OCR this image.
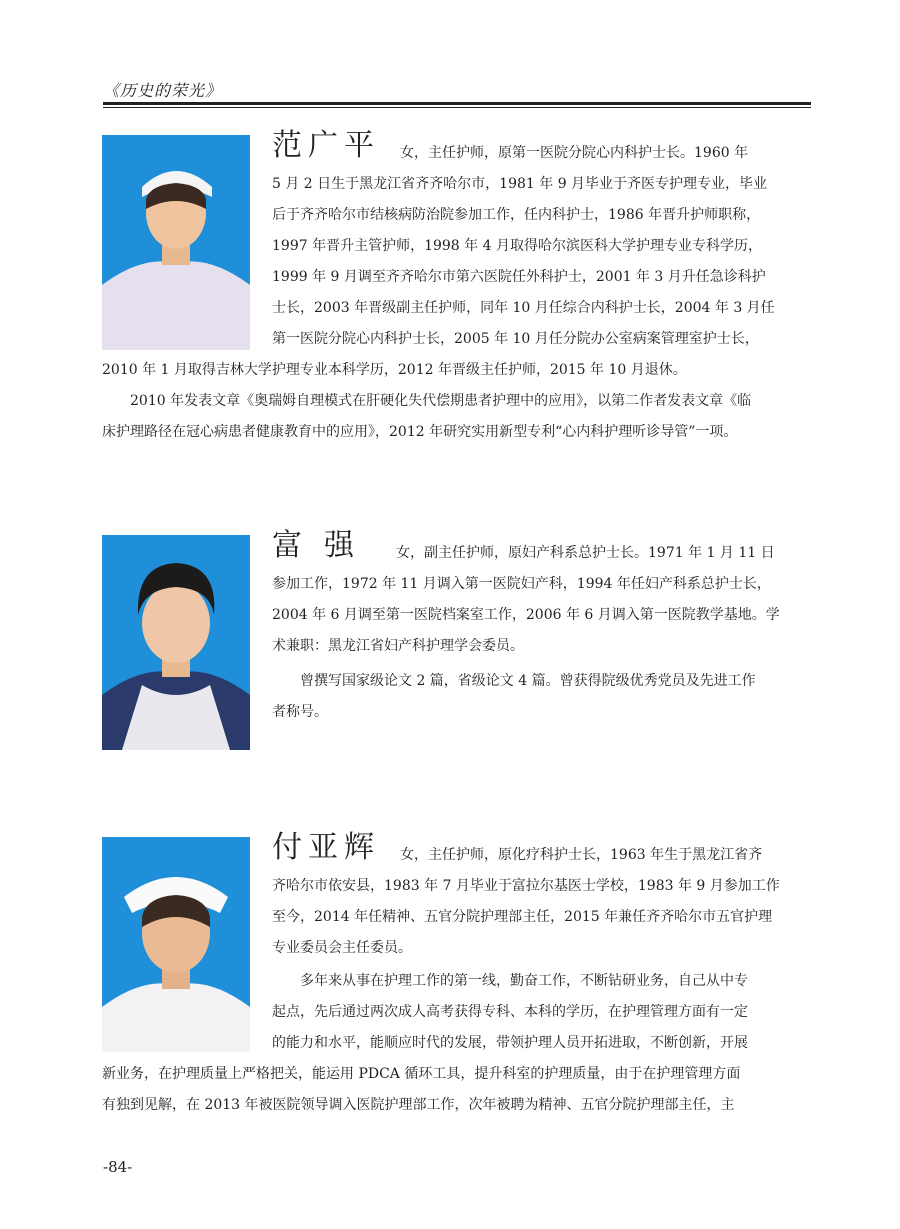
《历史的荣光》
范广平 女，主任护师，原第一医院分院心内科护士长。1960 年
5 月 2 日生于黑龙江省齐齐哈尔市，1981 年 9 月毕业于齐医专护理专业，毕业
后于齐齐哈尔市结核病防治院参加工作，任内科护士，1986 年晋升护师职称，
1997 年晋升主管护师，1998 年 4 月取得哈尔滨医科大学护理专业专科学历，
1999 年 9 月调至齐齐哈尔市第六医院任外科护士，2001 年 3 月升任急诊科护
士长，2003 年晋级副主任护师，同年 10 月任综合内科护士长，2004 年 3 月任
第一医院分院心内科护士长，2005 年 10 月任分院办公室病案管理室护士长，
2010 年 1 月取得吉林大学护理专业本科学历，2012 年晋级主任护师，2015 年 10 月退休。
2010 年发表文章《奥瑞姆自理模式在肝硬化失代偿期患者护理中的应用》，以第二作者发表文章《临
床护理路径在冠心病患者健康教育中的应用》，2012 年研究实用新型专利“心内科护理听诊导管”一项。
富强 女，副主任护师，原妇产科系总护士长。1971 年 1 月 11 日
参加工作，1972 年 11 月调入第一医院妇产科，1994 年任妇产科系总护士长，
2004 年 6 月调至第一医院档案室工作，2006 年 6 月调入第一医院教学基地。学
术兼职：黑龙江省妇产科护理学会委员。
曾撰写国家级论文 2 篇，省级论文 4 篇。曾获得院级优秀党员及先进工作
者称号。
付亚辉 女，主任护师，原化疗科护士长，1963 年生于黑龙江省齐
齐哈尔市依安县，1983 年 7 月毕业于富拉尔基医士学校，1983 年 9 月参加工作
至今，2014 年任精神、五官分院护理部主任，2015 年兼任齐齐哈尔市五官护理
专业委员会主任委员。
多年来从事在护理工作的第一线，勤奋工作，不断钻研业务，自己从中专
起点，先后通过两次成人高考获得专科、本科的学历，在护理管理方面有一定
的能力和水平，能顺应时代的发展，带领护理人员开拓进取，不断创新，开展
新业务，在护理质量上严格把关，能运用 PDCA 循环工具，提升科室的护理质量，由于在护理管理方面
有独到见解，在 2013 年被医院领导调入医院护理部工作，次年被聘为精神、五官分院护理部主任，主
-84-
